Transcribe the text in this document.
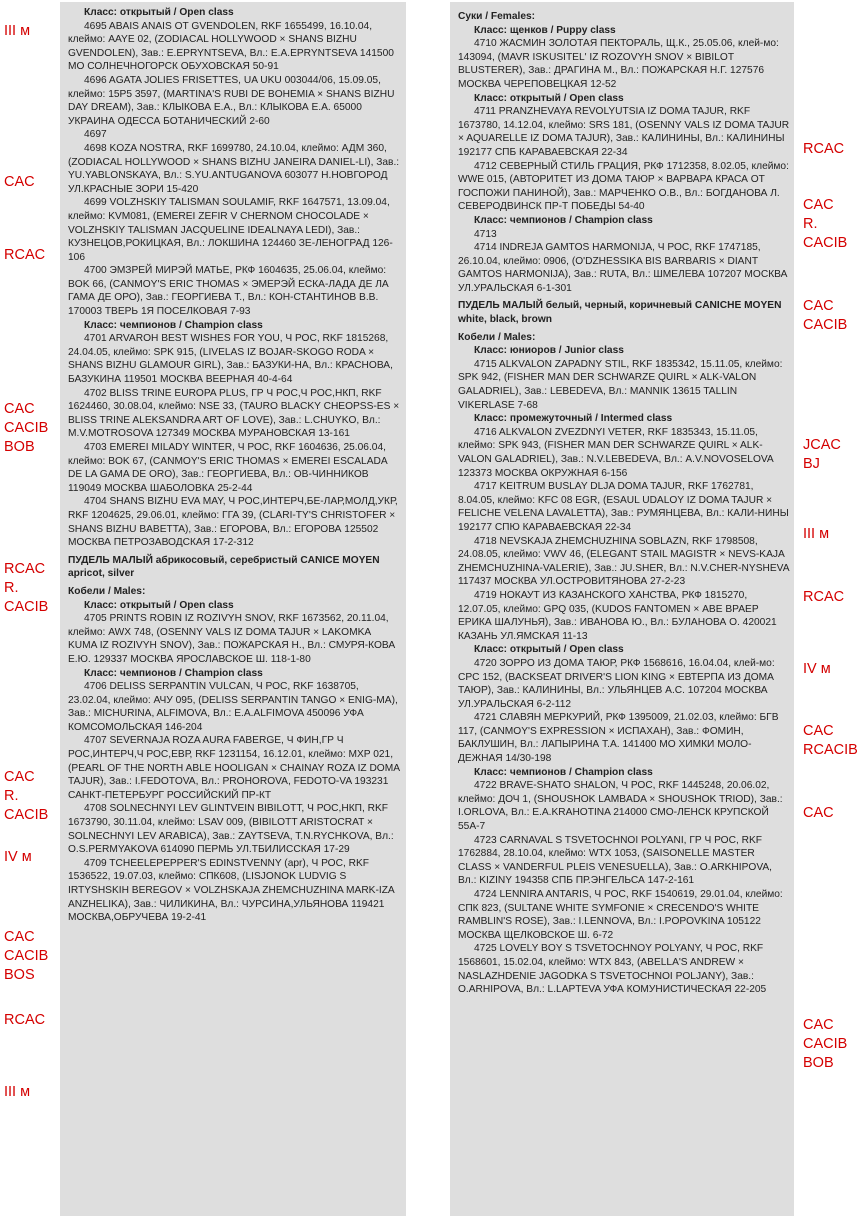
Класс: открытый / Open class

4695 ABAIS ANAIS OT GVENDOLEN, RKF 1655499, 16.10.04, клеймо: AAYE 02, (ZODIACAL HOLLYWOOD × SHANS BIZHU GVENDOLEN), Зав.: E.EPRYNTSEVA, Вл.: E.A.EPRYNTSEVA 141500 МО СОЛНЕЧНОГОРСК ОБУХОВСКАЯ 50-91

4696 AGATA JOLIES FRISETTES, UA UKU 003044/06, 15.09.05, клеймо: 15P5 3597, (MARTINA'S RUBI DE BOHEMIA × SHANS BIZHU DAY DREAM), Зав.: КЛЫКОВА Е.А., Вл.: КЛЫКОВА Е.А. 65000 УКРАИНА ОДЕССА БОТАНИЧЕСКИЙ 2-60

4697

4698 KOZA NOSTRA, RKF 1699780, 24.10.04, клеймо: АДМ 360, (ZODIACAL HOLLYWOOD × SHANS BIZHU JANEIRA DANIEL-LI), Зав.: YU.YABLONSKAYA, Вл.: S.YU.ANTUGANOVA 603077 Н.НОВГОРОД УЛ.КРАСНЫЕ ЗОРИ 15-420

4699 VOLZHSKIY TALISMAN SOULAMIF, RKF 1647571, 13.09.04, клеймо: KVM081, (EMEREI ZEFIR V CHERNOM CHOCOLADE × VOLZHSKIY TALISMAN JACQUELINE IDEALNAYA LEDI), Зав.: КУЗНЕЦОВ,РОКИЦКАЯ, Вл.: ЛОКШИНА 124460 ЗЕ-ЛЕНОГРАД 126-106

4700 ЭМЗРЕЙ МИРЭЙ МАТЬЕ, РКФ 1604635, 25.06.04, клеймо: BOK 66, (CANMOY'S ERIC THOMAS × ЭМЕРЭЙ ЕСКА-ЛАДА ДЕ ЛА ГАМА ДЕ ОРО), Зав.: ГЕОРГИЕВА Т., Вл.: КОН-СТАНТИНОВ В.В. 170003 ТВЕРЬ 1Я ПОСЕЛКОВАЯ 7-93

Класс: чемпионов / Champion class

4701 ARVAROH BEST WISHES FOR YOU, Ч РОС, RKF 1815268, 24.04.05, клеймо: SPK 915, (LIVELAS IZ BOJAR-SKOGO RODA × SHANS BIZHU GLAMOUR GIRL), Зав.: БАЗУКИ-НА, Вл.: КРАСНОВА, БАЗУКИНА 119501 МОСКВА ВЕЕРНАЯ 40-4-64

4702 BLISS TRINE EUROPA PLUS, ГР Ч РОС,Ч РОС,НКП, RKF 1624460, 30.08.04, клеймо: NSE 33, (TAURO BLACKY CHEOPSS-ES × BLISS TRINE ALEKSANDRA ART OF LOVE), Зав.: L.CHUYKO, Вл.: M.V.MOTROSOVA 127349 МОСКВА МУРАНОВСКАЯ 13-161

4703 EMEREI MILADY WINTER, Ч РОС, RKF 1604636, 25.06.04, клеймо: BOK 67, (CANMOY'S ERIC THOMAS × EMEREI ESCALADA DE LA GAMA DE ORO), Зав.: ГЕОРГИЕВА, Вл.: ОВ-ЧИННИКОВ 119049 МОСКВА ШАБОЛОВКА 25-2-44

4704 SHANS BIZHU EVA MAY, Ч РОС,ИНТЕРЧ,БЕ-ЛАР,МОЛД,УКР, RKF 1204625, 29.06.01, клеймо: ГГА 39, (CLARI-TY'S CHRISTOFER × SHANS BIZHU BABETTA), Зав.: ЕГОРОВА, Вл.: ЕГОРОВА 125502 МОСКВА ПЕТРОЗАВОДСКАЯ 17-2-312

ПУДЕЛЬ МАЛЫЙ абрикосовый, серебристый CANICE MOYEN apricot, silver

Кобели / Males:

Класс: открытый / Open class

4705 PRINTS ROBIN IZ ROZIVYH SNOV, RKF 1673562, 20.11.04, клеймо: AWX 748, (OSENNY VALS IZ DOMA TAJUR × LAKOMKA KUMA IZ ROZIVYH SNOV), Зав.: ПОЖАРСКАЯ Н., Вл.: СМУРЯ-КОВА Е.Ю. 129337 МОСКВА ЯРОСЛАВСКОЕ Ш. 118-1-80

Класс: чемпионов / Champion class

4706 DELISS SERPANTIN VULCAN, Ч РОС, RKF 1638705, 23.02.04, клеймо: АЧУ 095, (DELISS SERPANTIN TANGO × ENIG-MA), Зав.: MICHURINA, ALFIMOVA, Вл.: E.A.ALFIMOVA 450096 УФА КОМСОМОЛЬСКАЯ 146-204

4707 SEVERNAJA ROZA AURA FABERGE, Ч ФИН,ГР Ч РОС,ИНТЕРЧ,Ч РОС,ЕВР, RKF 1231154, 16.12.01, клеймо: MXP 021, (PEARL OF THE NORTH ABLE HOOLIGAN × CHAINAY ROZA IZ DOMA TAJUR), Зав.: I.FEDOTOVA, Вл.: PROHOROVA, FEDOTO-VA 193231 САНКТ-ПЕТЕРБУРГ РОССИЙСКИЙ ПР-КТ

4708 SOLNECHNYI LEV GLINTVEIN BIBILOTT, Ч РОС,НКП, RKF 1673790, 30.11.04, клеймо: LSAV 009, (BIBILOTT ARISTOCRAT × SOLNECHNYI LEV ARABICA), Зав.: ZAYTSEVA, T.N.RYCHKOVA, Вл.: O.S.PERMYAKOVA 614090 ПЕРМЬ УЛ.ТБИЛИССКАЯ 17-29

4709 TCHEELEPEPPER'S EDINSTVENNY (apr), Ч РОС, RKF 1536522, 19.07.03, клеймо: СПК608, (LISJONOK LUDVIG S IRTYSHSKIH BEREGOV × VOLZHSKAJA ZHEMCHUZHINA MARK-IZA ANZHELIKA), Зав.: ЧИЛИКИНА, Вл.: ЧУРСИНА,УЛЬЯНОВА 119421 МОСКВА,ОБРУЧЕВА 19-2-41

Суки / Females:

Класс: щенков / Puppy class

4710 ЖАСМИН ЗОЛОТАЯ ПЕКТОРАЛЬ, Щ.К., 25.05.06, клей-мо: 143094, (MAVR ISKUSITEL' IZ ROZOVYH SNOV × BIBILOT BLUSTERER), Зав.: ДРАГИНА М., Вл.: ПОЖАРСКАЯ Н.Г. 127576 МОСКВА ЧЕРЕПОВЕЦКАЯ 12-52

Класс: открытый / Open class

4711 PRANZHEVAYA REVOLYUTSIA IZ DOMA TAJUR, RKF 1673780, 14.12.04, клеймо: SRS 181, (OSENNY VALS IZ DOMA TAJUR × AQUARELLE IZ DOMA TAJUR), Зав.: КАЛИНИНЫ, Вл.: КАЛИНИНЫ 192177 СПБ КАРАВАЕВСКАЯ 22-34

4712 СЕВЕРНЫЙ СТИЛЬ ГРАЦИЯ, РКФ 1712358, 8.02.05, клеймо: WWE 015, (АВТОРИТЕТ ИЗ ДОМА ТАЮР × ВАРВАРА КРАСА ОТ ГОСПОЖИ ПАНИНОЙ), Зав.: МАРЧЕНКО О.В., Вл.: БОГДАНОВА Л. СЕВЕРОДВИНСК ПР-Т ПОБЕДЫ 54-40

Класс: чемпионов / Champion class

4713

4714 INDREJA GAMTOS HARMONIJA, Ч РОС, RKF 1747185, 26.10.04, клеймо: 0906, (O'DZHESSIKA BIS BARBARIS × DIANT GAMTOS HARMONIJA), Зав.: RUTA, Вл.: ШМЕЛЕВА 107207 МОСКВА УЛ.УРАЛЬСКАЯ 6-1-301

ПУДЕЛЬ МАЛЫЙ белый, черный, коричневый CANICHE MOYEN white, black, brown

Кобели / Males:

Класс: юниоров / Junior class

4715 ALKVALON ZAPADNY STIL, RKF 1835342, 15.11.05, клеймо: SPK 942, (FISHER MAN DER SCHWARZE QUIRL × ALK-VALON GALADRIEL), Зав.: LEBEDEVA, Вл.: MANNIK 13615 TALLIN VIKERLASE 7-68

Класс: промежуточный / Intermed class

4716 ALKVALON ZVEZDNYI VETER, RKF 1835343, 15.11.05, клеймо: SPK 943, (FISHER MAN DER SCHWARZE QUIRL × ALK-VALON GALADRIEL), Зав.: N.V.LEBEDEVA, Вл.: A.V.NOVOSELOVA 123373 МОСКВА ОКРУЖНАЯ 6-156

4717 KEITRUM BUSLAY DLJA DOMA TAJUR, RKF 1762781, 8.04.05, клеймо: KFC 08 EGR, (ESAUL UDALOY IZ DOMA TAJUR × FELICHE VELENA LAVALETTA), Зав.: РУМЯНЦЕВА, Вл.: КАЛИ-НИНЫ 192177 СПЮ КАРАВАЕВСКАЯ 22-34

4718 NEVSKAJA ZHEMCHUZHINA SOBLAZN, RKF 1798508, 24.08.05, клеймо: VWV 46, (ELEGANT STAIL MAGISTR × NEVS-KAJA ZHEMCHUZHINA-VALERIE), Зав.: JU.SHER, Вл.: N.V.CHER-NYSHEVA 117437 МОСКВА УЛ.ОСТРОВИТЯНОВА 27-2-23

4719 НОКАУТ ИЗ КАЗАНСКОГО ХАНСТВА, РКФ 1815270, 12.07.05, клеймо: GPQ 035, (KUDOS FANTOMEN × АВЕ ВРАЕР ЕРИКА ШАЛУНЬЯ), Зав.: ИВАНОВА Ю., Вл.: БУЛАНОВА О. 420021 КАЗАНЬ УЛ.ЯМСКАЯ 11-13

Класс: открытый / Open class

4720 ЗОРРО ИЗ ДОМА ТАЮР, РКФ 1568616, 16.04.04, клей-мо: CPC 152, (BACKSEAT DRIVER'S LION KING × ЕВТЕРПА ИЗ ДОМА ТАЮР), Зав.: КАЛИНИНЫ, Вл.: УЛЬЯНЦЕВ А.С. 107204 МОСКВА УЛ.УРАЛЬСКАЯ 6-2-112

4721 СЛАВЯН МЕРКУРИЙ, РКФ 1395009, 21.02.03, клеймо: БГВ 117, (CANMOY'S EXPRESSION × ИСПАХАН), Зав.: ФОМИН, БАКЛУШИН, Вл.: ЛАПЫРИНА Т.А. 141400 МО ХИМКИ МОЛО-ДЕЖНАЯ 14/30-198

Класс: чемпионов / Champion class

4722 BRAVE-SHATO SHALON, Ч РОС, RKF 1445248, 20.06.02, клеймо: ДОЧ 1, (SHOUSHOK LAMBADA × SHOUSHOK TRIOD), Зав.: I.ORLOVA, Вл.: E.A.KRAHOTINA 214000 СМО-ЛЕНСК КРУПСКОЙ 55А-7

4723 CARNAVAL S TSVETOCHNOI POLYANI, ГР Ч РОС, RKF 1762884, 28.10.04, клеймо: WTX 1053, (SAISONELLE MASTER CLASS × VANDERFUL PLEIS VENESUELLA), Зав.: O.ARKHIPOVA, Вл.: KIZINY 194358 СПБ ПР.ЭНГЕЛЬСА 147-2-161

4724 LENNIRA ANTARIS, Ч РОС, RKF 1540619, 29.01.04, клеймо: СПК 823, (SULTANE WHITE SYMFONIE × CRECENDO'S WHITE RAMBLIN'S ROSE), Зав.: I.LENNOVA, Вл.: I.POPOVKINA 105122 МОСКВА ЩЕЛКОВСКОЕ Ш. 6-72

4725 LOVELY BOY S TSVETOCHNOY POLYANY, Ч РОС, RKF 1568601, 15.02.04, клеймо: WTX 843, (ABELLA'S ANDREW × NASLAZHDENIE JAGODKA S TSVETOCHNOI POLJANY), Зав.: O.ARHIPOVA, Вл.: L.LAPTEVA УФА КОМУНИСТИЧЕСКАЯ 22-205

III м
CAC
RCAC
CAC
CACIB
BOB
RCAC
R.
CACIB
CAC
R.
CACIB
IV м
CAC
CACIB
BOS
RCAC
III м
RCAC
CAC
R.
CACIB
CAC
CACIB
JCAC
BJ
III м
RCAC
IV м
CAC
RCACIB
CAC
CAC
CACIB
BOB
